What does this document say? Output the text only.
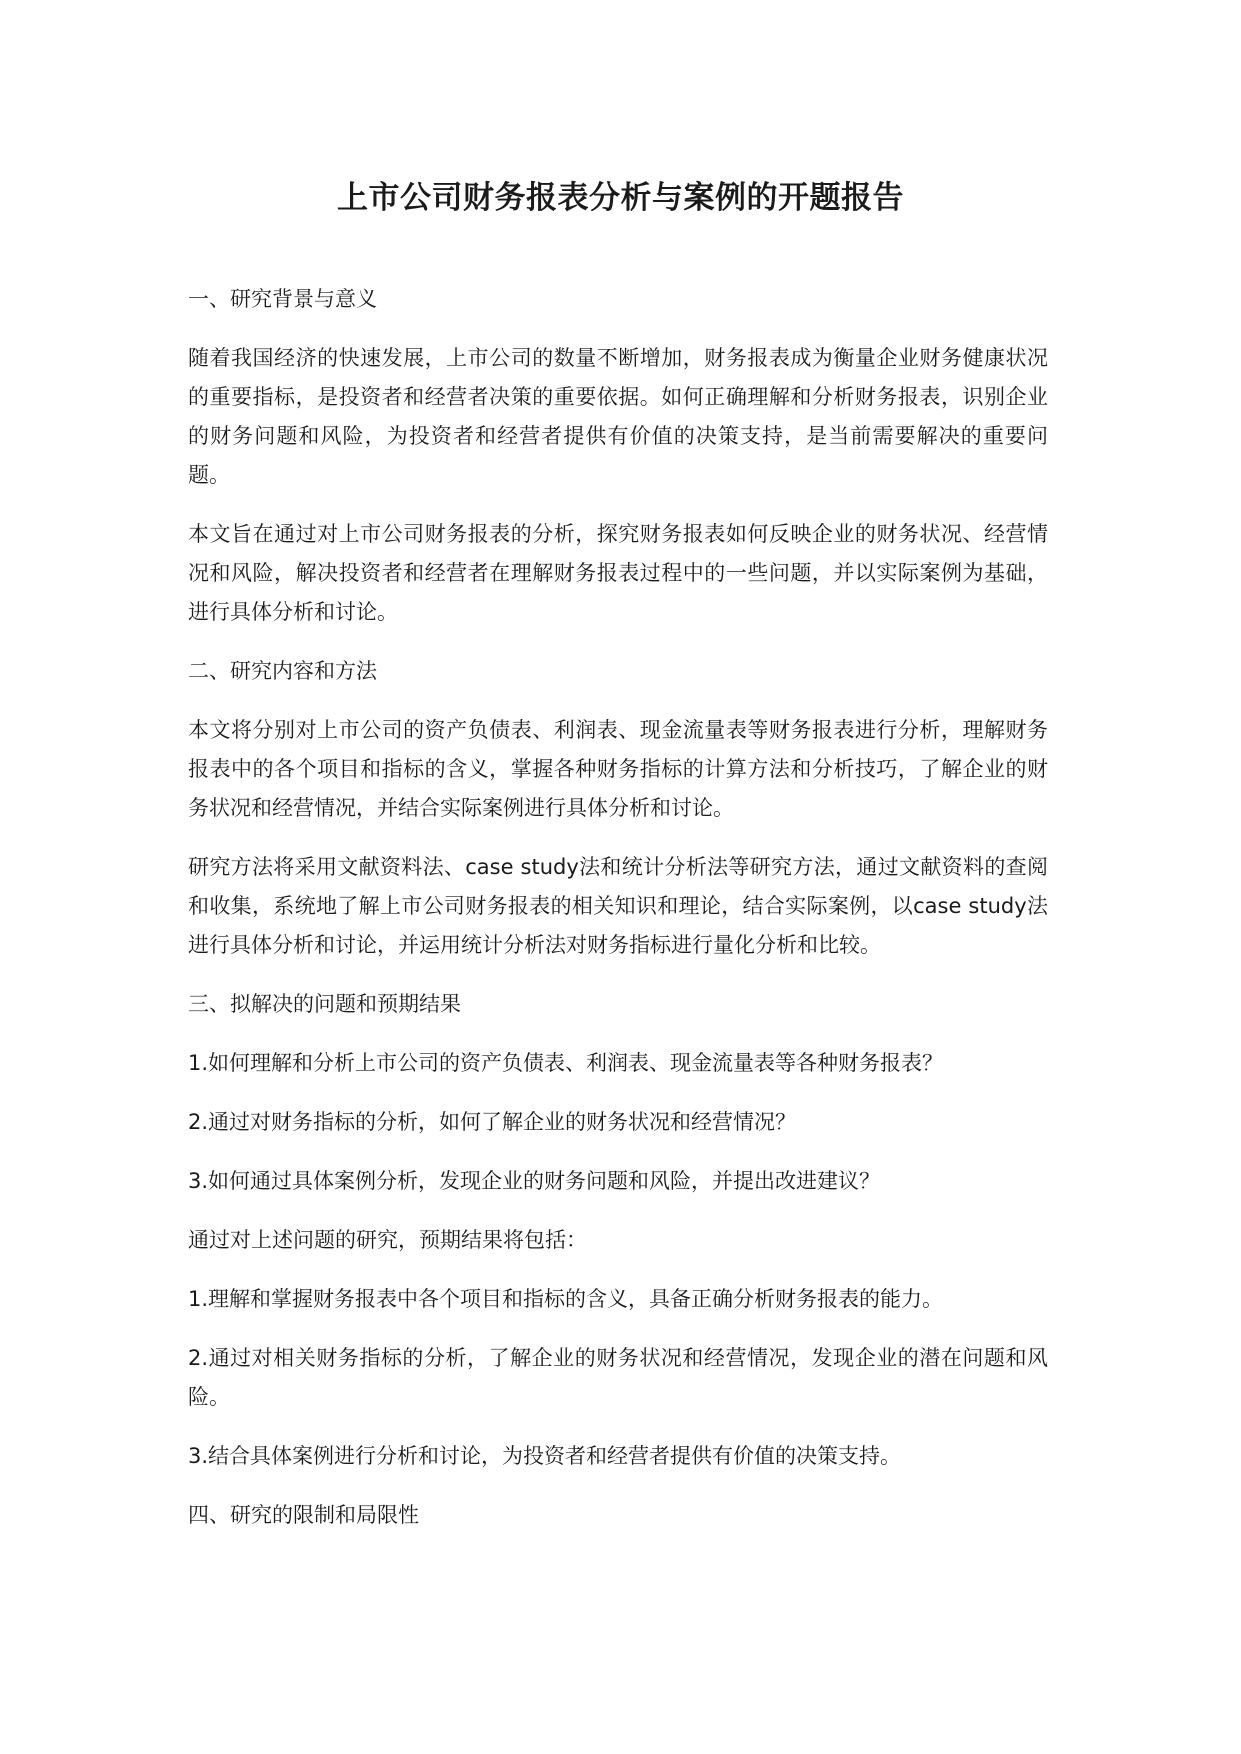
上市公司财务报表分析与案例的开题报告

一、研究背景与意义

随着我国经济的快速发展，上市公司的数量不断增加，财务报表成为衡量企业财务健康状况的重要指标，是投资者和经营者决策的重要依据。如何正确理解和分析财务报表，识别企业的财务问题和风险，为投资者和经营者提供有价值的决策支持，是当前需要解决的重要问题。

本文旨在通过对上市公司财务报表的分析，探究财务报表如何反映企业的财务状况、经营情况和风险，解决投资者和经营者在理解财务报表过程中的一些问题，并以实际案例为基础，进行具体分析和讨论。

二、研究内容和方法

本文将分别对上市公司的资产负债表、利润表、现金流量表等财务报表进行分析，理解财务报表中的各个项目和指标的含义，掌握各种财务指标的计算方法和分析技巧，了解企业的财务状况和经营情况，并结合实际案例进行具体分析和讨论。

研究方法将采用文献资料法、case study法和统计分析法等研究方法，通过文献资料的查阅和收集，系统地了解上市公司财务报表的相关知识和理论，结合实际案例，以case study法进行具体分析和讨论，并运用统计分析法对财务指标进行量化分析和比较。

三、拟解决的问题和预期结果

1.如何理解和分析上市公司的资产负债表、利润表、现金流量表等各种财务报表？

2.通过对财务指标的分析，如何了解企业的财务状况和经营情况？

3.如何通过具体案例分析，发现企业的财务问题和风险，并提出改进建议？

通过对上述问题的研究，预期结果将包括：

1.理解和掌握财务报表中各个项目和指标的含义，具备正确分析财务报表的能力。

2.通过对相关财务指标的分析，了解企业的财务状况和经营情况，发现企业的潜在问题和风险。

3.结合具体案例进行分析和讨论，为投资者和经营者提供有价值的决策支持。

四、研究的限制和局限性
